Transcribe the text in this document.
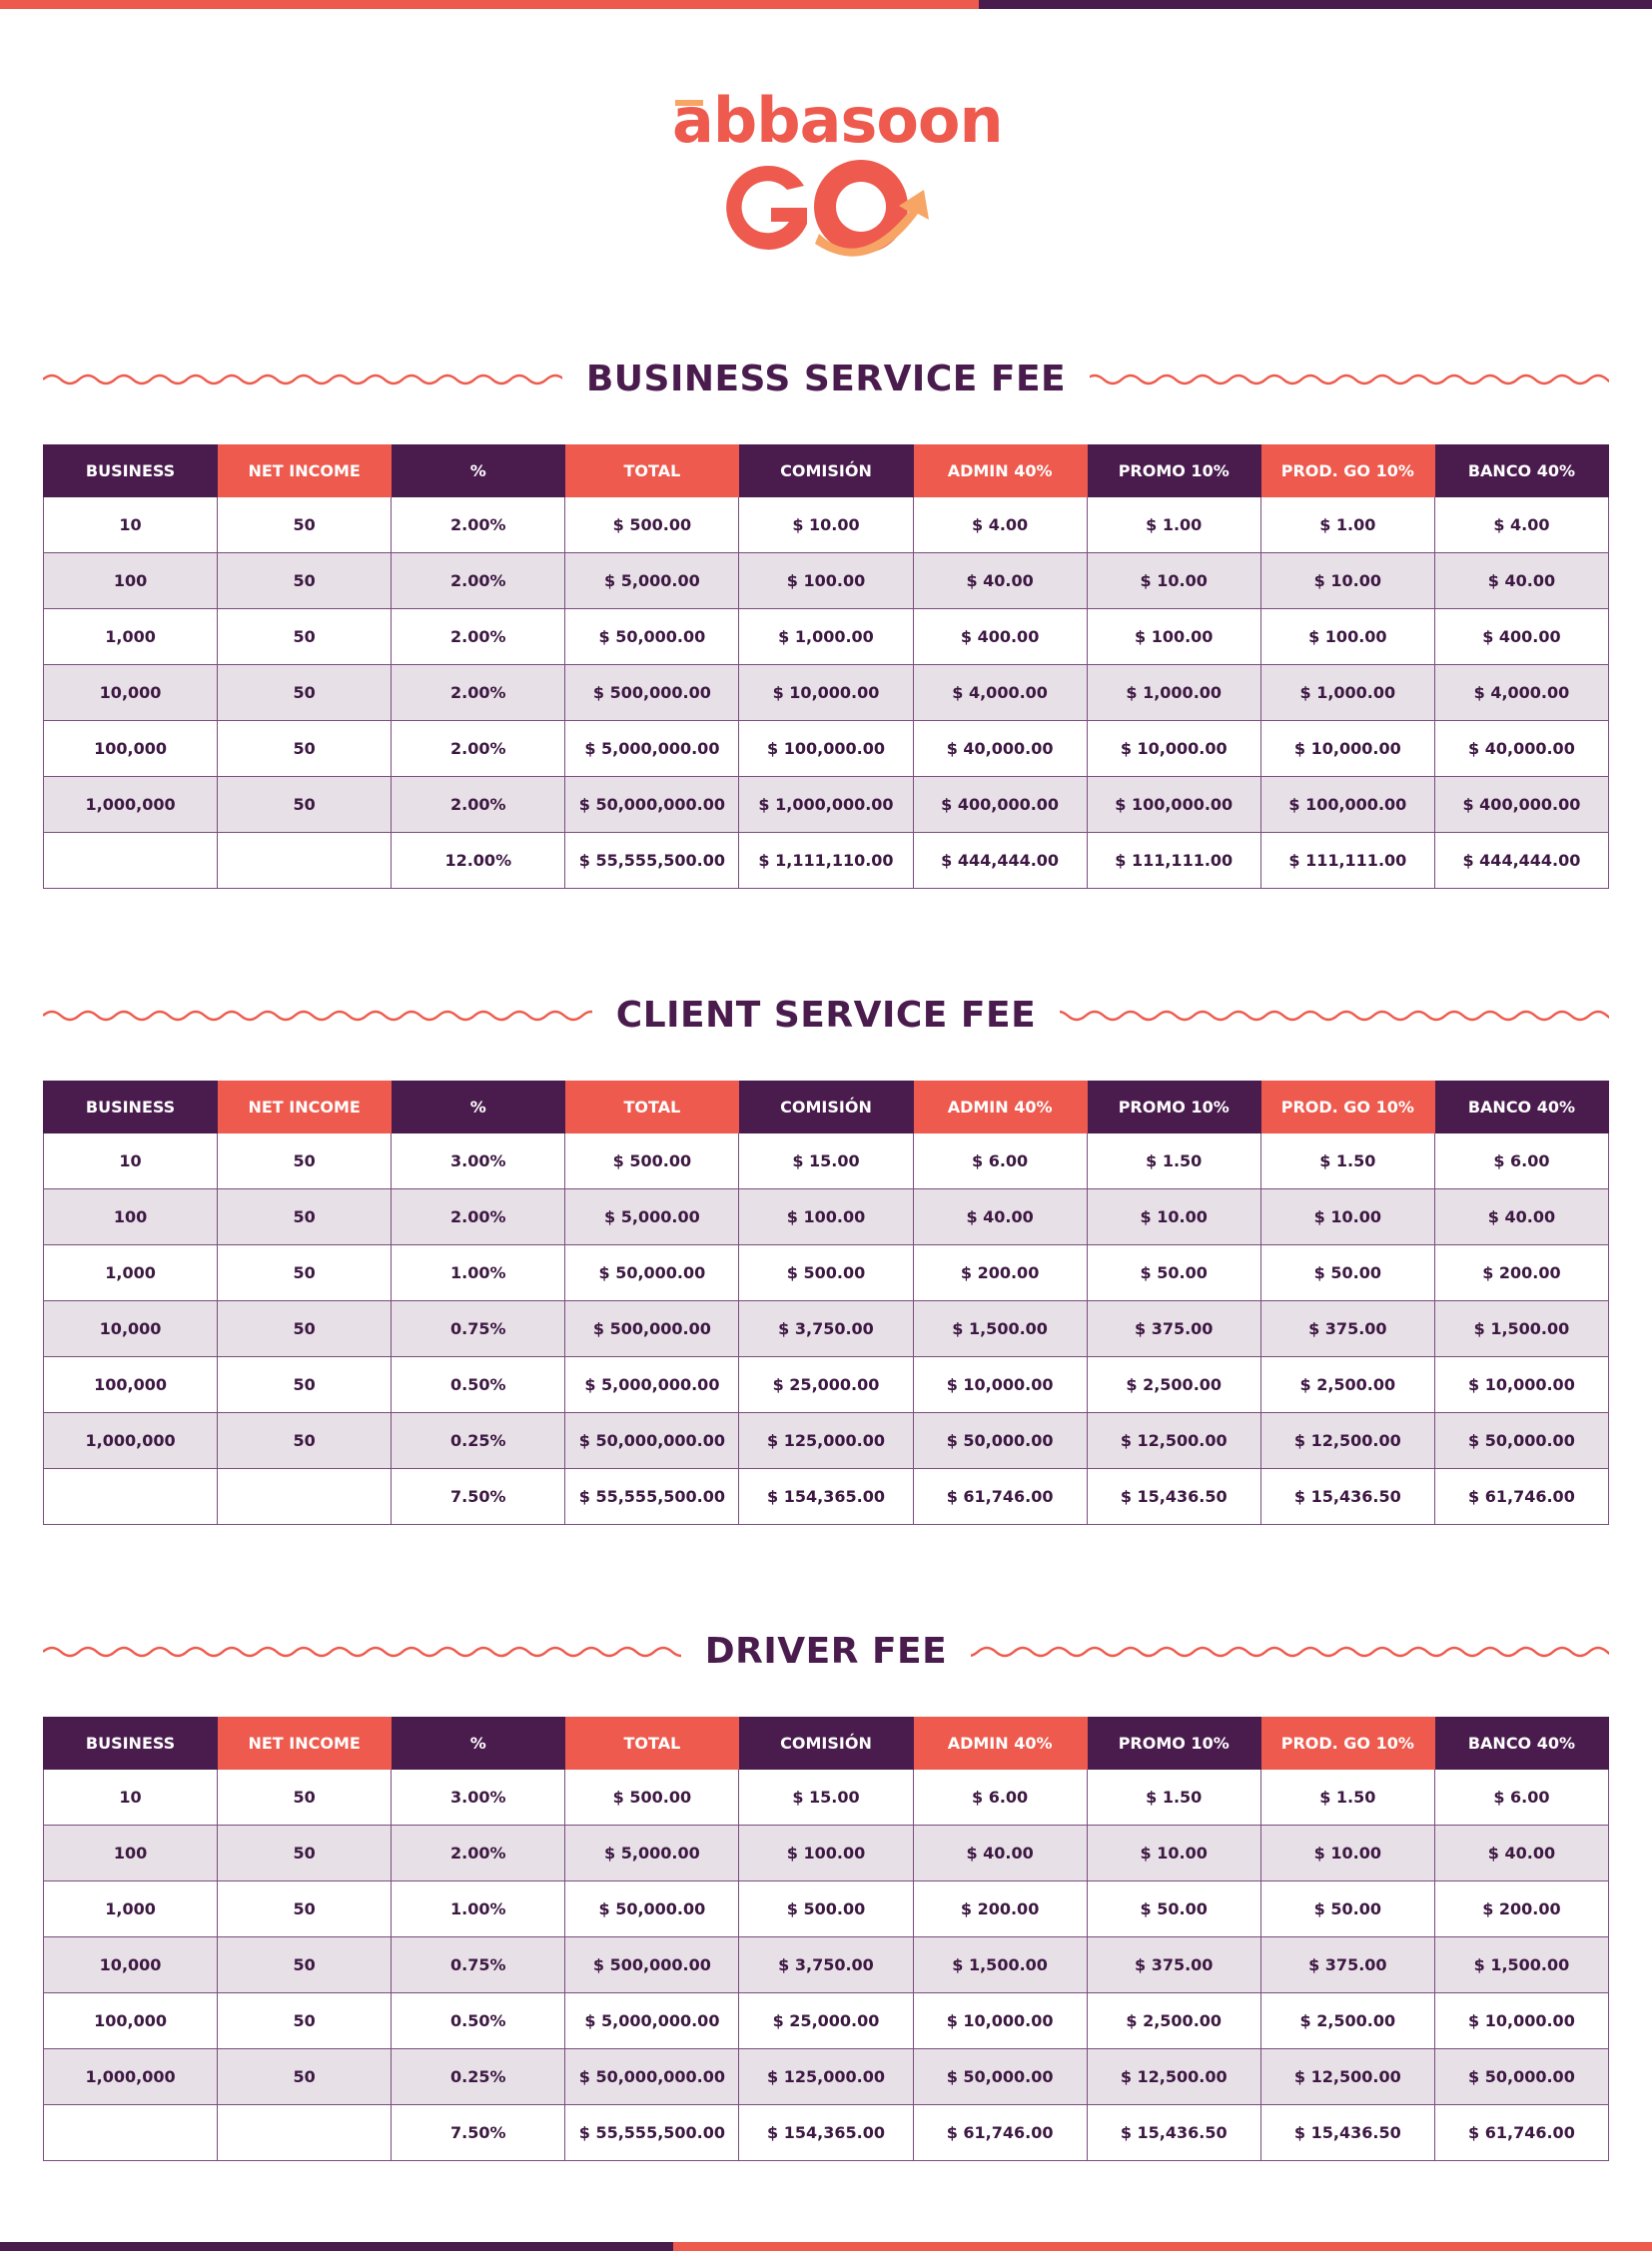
abbasoon
BUSINESS SERVICE FEE
BUSINESS	NET INCOME	%	TOTAL	COMISIÓN	ADMIN 40%	PROMO 10%	PROD. GO 10%	BANCO 40%
10	50	2.00%	$ 500.00	$ 10.00	$ 4.00	$ 1.00	$ 1.00	$ 4.00
100	50	2.00%	$ 5,000.00	$ 100.00	$ 40.00	$ 10.00	$ 10.00	$ 40.00
1,000	50	2.00%	$ 50,000.00	$ 1,000.00	$ 400.00	$ 100.00	$ 100.00	$ 400.00
10,000	50	2.00%	$ 500,000.00	$ 10,000.00	$ 4,000.00	$ 1,000.00	$ 1,000.00	$ 4,000.00
100,000	50	2.00%	$ 5,000,000.00	$ 100,000.00	$ 40,000.00	$ 10,000.00	$ 10,000.00	$ 40,000.00
1,000,000	50	2.00%	$ 50,000,000.00	$ 1,000,000.00	$ 400,000.00	$ 100,000.00	$ 100,000.00	$ 400,000.00
		12.00%	$ 55,555,500.00	$ 1,111,110.00	$ 444,444.00	$ 111,111.00	$ 111,111.00	$ 444,444.00
CLIENT SERVICE FEE
BUSINESS	NET INCOME	%	TOTAL	COMISIÓN	ADMIN 40%	PROMO 10%	PROD. GO 10%	BANCO 40%
10	50	3.00%	$ 500.00	$ 15.00	$ 6.00	$ 1.50	$ 1.50	$ 6.00
100	50	2.00%	$ 5,000.00	$ 100.00	$ 40.00	$ 10.00	$ 10.00	$ 40.00
1,000	50	1.00%	$ 50,000.00	$ 500.00	$ 200.00	$ 50.00	$ 50.00	$ 200.00
10,000	50	0.75%	$ 500,000.00	$ 3,750.00	$ 1,500.00	$ 375.00	$ 375.00	$ 1,500.00
100,000	50	0.50%	$ 5,000,000.00	$ 25,000.00	$ 10,000.00	$ 2,500.00	$ 2,500.00	$ 10,000.00
1,000,000	50	0.25%	$ 50,000,000.00	$ 125,000.00	$ 50,000.00	$ 12,500.00	$ 12,500.00	$ 50,000.00
		7.50%	$ 55,555,500.00	$ 154,365.00	$ 61,746.00	$ 15,436.50	$ 15,436.50	$ 61,746.00
DRIVER FEE
BUSINESS	NET INCOME	%	TOTAL	COMISIÓN	ADMIN 40%	PROMO 10%	PROD. GO 10%	BANCO 40%
10	50	3.00%	$ 500.00	$ 15.00	$ 6.00	$ 1.50	$ 1.50	$ 6.00
100	50	2.00%	$ 5,000.00	$ 100.00	$ 40.00	$ 10.00	$ 10.00	$ 40.00
1,000	50	1.00%	$ 50,000.00	$ 500.00	$ 200.00	$ 50.00	$ 50.00	$ 200.00
10,000	50	0.75%	$ 500,000.00	$ 3,750.00	$ 1,500.00	$ 375.00	$ 375.00	$ 1,500.00
100,000	50	0.50%	$ 5,000,000.00	$ 25,000.00	$ 10,000.00	$ 2,500.00	$ 2,500.00	$ 10,000.00
1,000,000	50	0.25%	$ 50,000,000.00	$ 125,000.00	$ 50,000.00	$ 12,500.00	$ 12,500.00	$ 50,000.00
		7.50%	$ 55,555,500.00	$ 154,365.00	$ 61,746.00	$ 15,436.50	$ 15,436.50	$ 61,746.00
